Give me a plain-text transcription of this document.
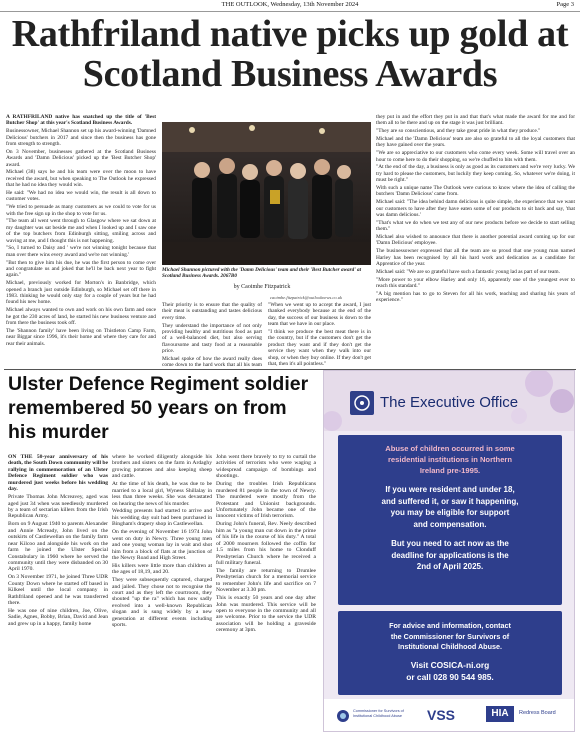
THE OUTLOOK, Wednesday, 13th November 2024	Page 3
Rathfriland native picks up gold at Scotland Business Awards

A RATHFRILAND native has snatched up the title of 'Best Butcher Shop' at this year's Scotland Business Awards.

Businessowner, Michael Shannon set up his award-winning 'Damned Delicious' butchers in 2017 and since then the business has gone from strength to strength.

On 3 November, businesses gathered at the Scotland Business Awards and 'Damn Delicious' picked up the 'Best Butcher Shop' award.

Michael (38) says he and his team were over the moon to have received the award, but when speaking to The Outlook he expressed that he had no idea they would win.

He said: "We had no idea we would win, the result is all down to customer votes.

"We tried to persuade as many customers as we could to vote for us with the free sign up in the shop to vote for us.

"The team all went went through to Glasgow where we sat down at my daughter was sat beside me and when I looked up and I saw one of the top butchers from Edinburgh sitting, smiling across and waving at me, and I thought this is not happening.

"So, I turned to Daisy and ' we're not winning tonight because that man over there wins every award and we're not winning.'

"But then to give him his due, he was the first person to come over and congratulate us and joked that he'll be back next year to fight again."

Michael, previously worked for Morton's in Banbridge, which opened a branch just outside Edinburgh, so Michael set off there in 1983. thinking he would only stay for a couple of years but he had found his new home.

Michael always wanted to own and work on his own farm and once he got the 230 acres of land, he started his new business venture and from there the business took off.

The 'Shannon family' have been living on Thistleton Camp Farm, near Biggar since 1996, it's their home and where they care for and rear their animals.

Michael Shannon pictured with the 'Damn Delicious' team and their 'Best Butcher award' at Scotland Business Awards. 2067B0
by Caoimhe Fitzpatrick
caoimhe.fitzpatrick@outlooknews.co.uk

Their priority is to ensure that the quality of their meat is outstanding and tastes delicious every time.

They understand the importance of not only providing healthy and nutritious food as part of a well-balanced diet, but also serving flavoursome and tasty food at a reasonable price.

Michael spoke of how the award really does come down to the hard work that all his team

"When we went up to accept the award, I just thanked everybody because at the end of the day, the success of our business is down to the team that we have in our place.

"I think we produce the best meat there is in the country, but if the customers don't get the product they want and if they don't get the service they want when they walk into our shop, or when they buy online. If they don't get that, then it's all pointless."

they put in and the effort they put in and that that's what made the award for me and for them all to be there and up on the stage it was just brilliant.

"They are so conscientious, and they take great pride in what they produce."

Michael and the 'Damn Delicious' team are also so grateful to all the loyal customers that they have gained over the years.

"We are so appreciative to our customers who come every week. Some will travel over an hour to come here to do their shopping, so we're chuffed to bits with them.

"At the end of the day, a business is only as good as its customers and we're very lucky. We try hard to please the customers, but luckily they keep coming. So, whatever we're doing, it must be right."

With such a unique name The Outlook were curious to know where the idea of calling the butchers 'Damn Delicious' came from.

Michael said: "The idea behind damn delicious is quite simple, the experience that we want our customers to have after they have eaten some of our products to sit back and say, 'that was damn delicious.'

"That's what we do when we test any of our new products before we decide to start selling them."

Michael also wished to announce that there is another potential award coming up for our 'Damn Delicious' employee.

The businessowner expressed that all the team are so proud that one young man named Harley has been recognised by all his hard work and dedication as a candidate for Apprentice of the year.

Michael said: "We are so grateful have such a fantastic young lad as part of our team.

"More power to your elbow Harley and only 16, apparently one of the youngest ever to reach this standard."

"A big mention has to go to Steven for all his work, teaching and sharing his years of experience."

Ulster Defence Regiment soldier remembered 50 years on from his murder

ON THE 50-year anniversary of his death, the South Down community will be rallying in commemoration of an Ulster Defence Regiment soldier who was murdered just weeks before his wedding day.

Private Thomas John Mcreavey, aged was aged just 34 when was needlessly murdered by a team of sectarian killers from the Irish Republican Army.

Born on 9 August 1940 to parents Alexander and Annie Mcready, John lived on the outskirts of Castlewellan on the family farm near Kilcoo and alongside his work on the farm he joined the Ulster Special Constabulary in 1960 where he served the community until they were disbanded on 30 April 1970.

On 3 November 1971, he joined Three UDR County Down where he started off based in Kilkeel until the local company in Rathfriland opened and he was transferred there.

He was one of nine children, Joe, Olive, Sadie, Agnes, Bobby, Brian, David and Jean and grew up in a happy, family home

where he worked diligently alongside his brothers and sisters on the farm in Ardaghy growing potatoes and also keeping sheep and cattle.

At the time of his death, he was due to be married to a local girl, Wyness Shillalay in less than three weeks. She was devastated on hearing the news of his murder.

Wedding presents had started to arrive and his wedding day suit had been purchased in Bingham's drapery shop in Castlewellan.

On the evening of November 16 1974 John went on duty in Newry. Three young men and one young woman lay in wait and shot him from a block of flats at the junction of the Newry Road and High Street.

His killers were little more than children at the ages of 18,19, and 20.

They were subsequently captured, charged and jailed. They chose not to recognise the court and as they left the courtroom, they shouted "up the ra" which has now sadly evolved into a well-known Republican slogan and is sung widely by a new generation at different events including sports.

John went there bravely to try to curtail the activities of terrorists who were waging a widespread campaign of bombings and shootings.

During the troubles Irish Republicans murdered 81 people in the town of Newry. The murdered were mostly from the Protestant and Unionist backgrounds. Unfortunately John became one of the innocent victims of Irish terrorism.

During John's funeral, Rev. Neely described him as "a young man cut down in the prime of his life in the course of his duty." A total of 2000 mourners followed the coffin for 1.5 miles from his home to Clonduff Presbyterian Church where he received a full military funeral.

The family are returning to Drumlee Presbyterian church for a memorial service to remember John's life and sacrifice on 7 November at 3.30 pm.

This is exactly 50 years and one day after John was murdered. This service will be open to everyone in the community and all are welcome. Prior to the service the UDR association will be holding a graveside ceremony at 3pm.

The Executive Office
Abuse of children occurred in some
residential institutions in Northern
Ireland pre-1995.
If you were resident and under 18,
and suffered it, or saw it happening,
you may be eligible for support
and compensation.
But you need to act now as the
deadline for applications is the
2nd of April 2025.
For advice and information, contact
the Commissioner for Survivors of
Institutional Childhood Abuse.
Visit COSICA-ni.org
or call 028 90 544 985.
Commissioner for Survivors of Institutional Childhood Abuse	VSS	HIA	Redress Board
